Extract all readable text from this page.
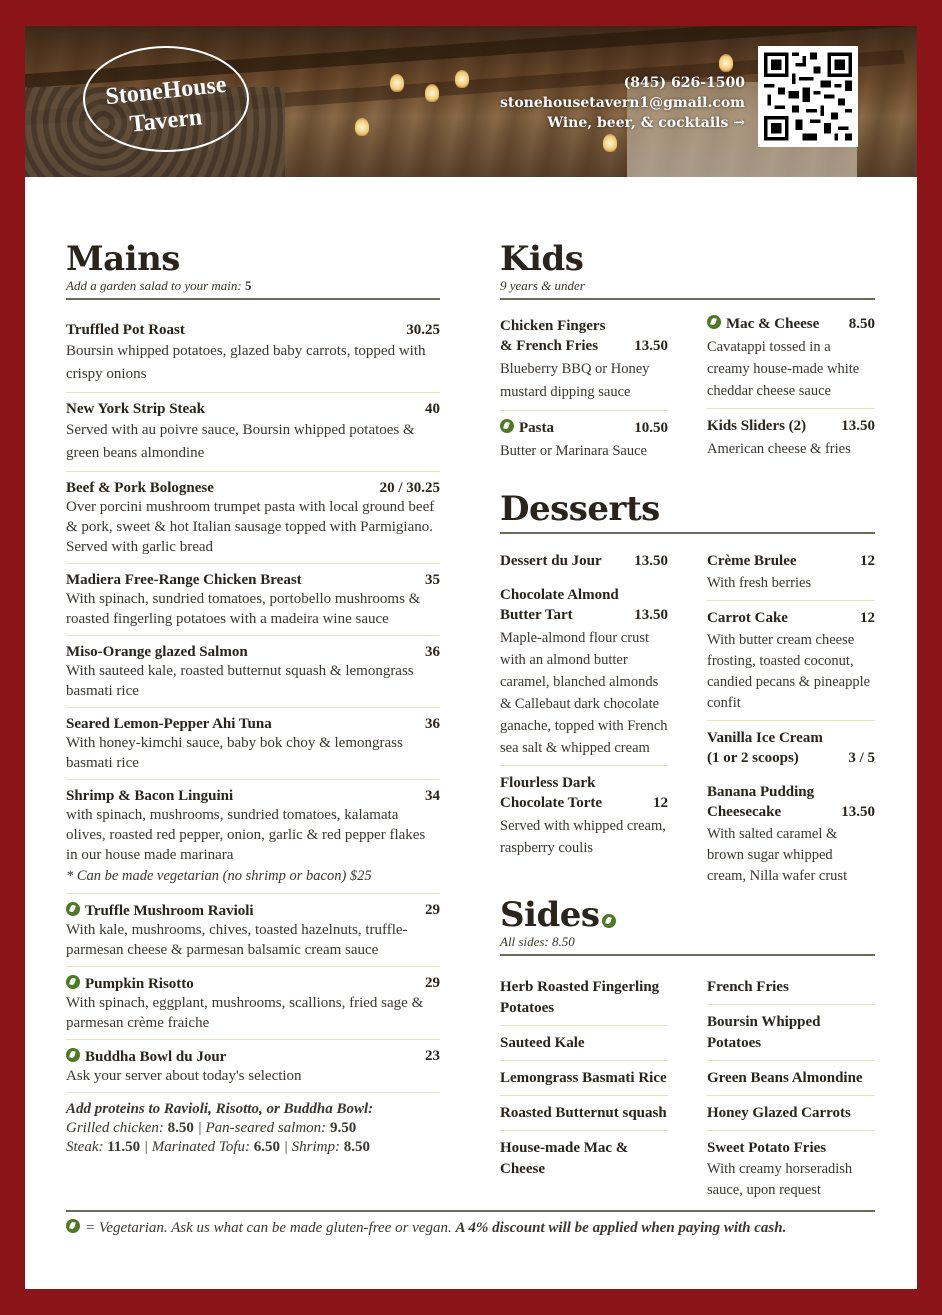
StoneHouse
Tavern
(845) 626-1500
stonehousetavern1@gmail.com
Wine, beer, & cocktails →
Mains
Add a garden salad to your main: 5
Truffled Pot Roast	30.25
Boursin whipped potatoes, glazed baby carrots, topped with crispy onions
New York Strip Steak	40
Served with au poivre sauce, Boursin whipped potatoes & green beans almondine
Beef & Pork Bolognese	20 / 30.25
Over porcini mushroom trumpet pasta with local ground beef & pork, sweet & hot Italian sausage topped with Parmigiano. Served with garlic bread
Madiera Free-Range Chicken Breast	35
With spinach, sundried tomatoes, portobello mushrooms & roasted fingerling potatoes with a madeira wine sauce
Miso-Orange glazed Salmon	36
With sauteed kale, roasted butternut squash & lemongrass basmati rice
Seared Lemon-Pepper Ahi Tuna	36
With honey-kimchi sauce, baby bok choy & lemongrass basmati rice
Shrimp & Bacon Linguini	34
with spinach, mushrooms, sundried tomatoes, kalamata olives, roasted red pepper, onion, garlic & red pepper flakes in our house made marinara
* Can be made vegetarian (no shrimp or bacon) $25
Truffle Mushroom Ravioli	29
With kale, mushrooms, chives, toasted hazelnuts, truffle-parmesan cheese & parmesan balsamic cream sauce
Pumpkin Risotto	29
With spinach, eggplant, mushrooms, scallions, fried sage & parmesan crème fraiche
Buddha Bowl du Jour	23
Ask your server about today's selection
Add proteins to Ravioli, Risotto, or Buddha Bowl:
Grilled chicken: 8.50 | Pan-seared salmon: 9.50
Steak: 11.50 | Marinated Tofu: 6.50 | Shrimp: 8.50
Kids
9 years & under
Chicken Fingers
& French Fries	13.50
Blueberry BBQ or Honey mustard dipping sauce
Pasta	10.50
Butter or Marinara Sauce
Mac & Cheese 8.50
Cavatappi tossed in a creamy house-made white cheddar cheese sauce
Kids Sliders (2) 13.50
American cheese & fries
Desserts
Dessert du Jour 13.50
Chocolate Almond
Butter Tart	13.50
Maple-almond flour crust with an almond butter caramel, blanched almonds & Callebaut dark chocolate ganache, topped with French sea salt & whipped cream
Flourless Dark
Chocolate Torte	12
Served with whipped cream, raspberry coulis
Crème Brulee	12
With fresh berries
Carrot Cake	12
With butter cream cheese frosting, toasted coconut, candied pecans & pineapple confit
Vanilla Ice Cream
(1 or 2 scoops)	3 / 5
Banana Pudding
Cheesecake	13.50
With salted caramel & brown sugar whipped cream, Nilla wafer crust
Sides
All sides: 8.50
Herb Roasted Fingerling Potatoes
Sauteed Kale
Lemongrass Basmati Rice
Roasted Butternut squash
House-made Mac & Cheese
French Fries
Boursin Whipped Potatoes
Green Beans Almondine
Honey Glazed Carrots
Sweet Potato Fries
With creamy horseradish sauce, upon request
= Vegetarian. Ask us what can be made gluten-free or vegan. A 4% discount will be applied when paying with cash.
